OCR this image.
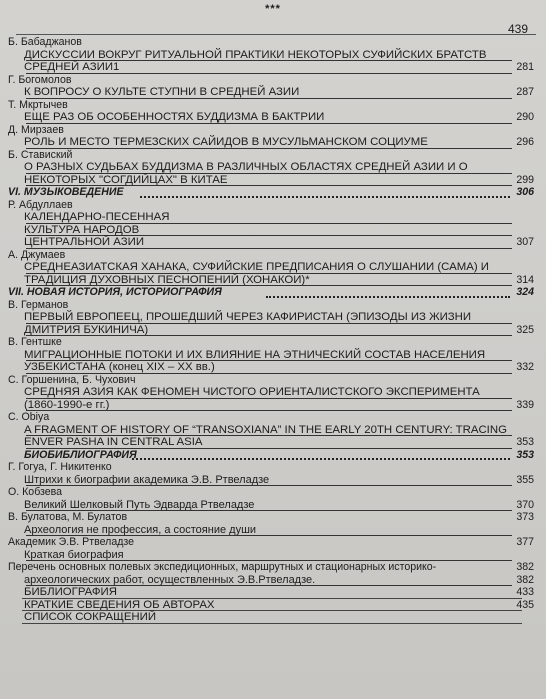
***
439
Б. Бабаджанов
ДИСКУССИИ ВОКРУГ РИТУАЛЬНОЙ ПРАКТИКИ НЕКОТОРЫХ СУФИЙСКИХ БРАТСТВ
СРЕДНЕЙ АЗИИ1	281
Г. Богомолов
К ВОПРОСУ О КУЛЬТЕ СТУПНИ В СРЕДНЕЙ АЗИИ	287
Т. Мкртычев
ЕЩЕ РАЗ ОБ ОСОБЕННОСТЯХ БУДДИЗМА В БАКТРИИ	290
Д. Мирзаев
РОЛЬ И МЕСТО ТЕРМЕЗСКИХ САЙИДОВ В МУСУЛЬМАНСКОМ СОЦИУМЕ	296
Б. Ставиский
О РАЗНЫХ СУДЬБАХ БУДДИЗМА В РАЗЛИЧНЫХ ОБЛАСТЯХ СРЕДНЕЙ АЗИИ И О
НЕКОТОРЫХ "СОГДИЙЦАХ" В КИТАЕ	299
VI. МУЗЫКОВЕДЕНИЕ	306
Р. Абдуллаев
КАЛЕНДАРНО-ПЕСЕННАЯ
КУЛЬТУРА НАРОДОВ
ЦЕНТРАЛЬНОЙ АЗИИ	307
А. Джумаев
СРЕДНЕАЗИАТСКАЯ ХАНАКА, СУФИЙСКИЕ ПРЕДПИСАНИЯ О СЛУШАНИИ (САМА) И
ТРАДИЦИЯ ДУХОВНЫХ ПЕСНОПЕНИЙ (ХОНАКОИ)*	314
VII. НОВАЯ ИСТОРИЯ, ИСТОРИОГРАФИЯ	324
В. Германов
ПЕРВЫЙ ЕВРОПЕЕЦ, ПРОШЕДШИЙ ЧЕРЕЗ КАФИРИСТАН (ЭПИЗОДЫ ИЗ ЖИЗНИ
ДМИТРИЯ БУКИНИЧА)	325
В. Гентшке
МИГРАЦИОННЫЕ ПОТОКИ И ИХ ВЛИЯНИЕ НА ЭТНИЧЕСКИЙ СОСТАВ НАСЕЛЕНИЯ
УЗБЕКИСТАНА (конец XIX – XX вв.)	332
С. Горшенина, Б. Чухович
СРЕДНЯЯ АЗИЯ КАК ФЕНОМЕН ЧИСТОГО ОРИЕНТАЛИСТСКОГО ЭКСПЕРИМЕНТА
(1860-1990-е гг.)	339
C. Obiya
A FRAGMENT OF HISTORY OF “TRANSOXIANA” IN THE EARLY 20TH CENTURY: TRACING
ENVER PASHA IN CENTRAL ASIA	353
БИОБИБЛИОГРАФИЯ	353
Г. Гогуа, Г. Никитенко
Штрихи к биографии академика Э.В. Ртвеладзе	355
О. Кобзева
Великий Шелковый Путь Эдварда Ртвеладзе	370
В. Булатова, М. Булатов	373
Археология не профессия, а состояние души
Академик Э.В. Ртвеладзе	377
Краткая биография
Перечень основных полевых экспедиционных, маршрутных и стационарных историко-	382
археологических работ, осуществленных Э.В.Ртвеладзе.	382
БИБЛИОГРАФИЯ	433
КРАТКИЕ СВЕДЕНИЯ ОБ АВТОРАХ	435
СПИСОК СОКРАЩЕНИЙ
